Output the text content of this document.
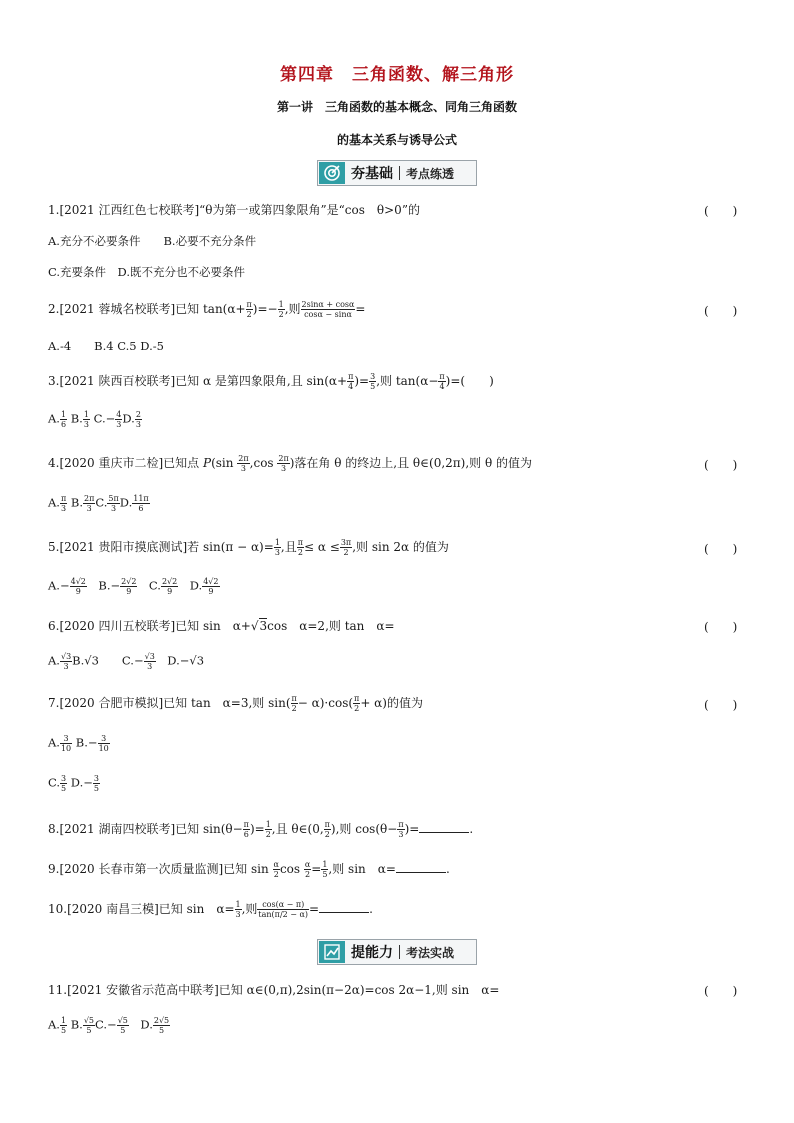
第四章　三角函数、解三角形
第一讲　三角函数的基本概念、同角三角函数
的基本关系与诱导公式
夯基础 考点练透
1.[2021 江西红色七校联考]“θ为第一或第四象限角”是“cos　θ>0”的	(　　)
A.充分不必要条件　　B.必要不充分条件
C.充要条件　D.既不充分也不必要条件
2.[2021 蓉城名校联考]已知 $\tan(\alpha+ \frac{\pi}{2}$ )=− $\frac{1}{2}$ ,则 $\frac{2\sin\alpha + \cos\alpha}{\cos\alpha - \sin\alpha}$ =	(　　)
A.-4　　B.4 C.5 D.-5
3.[2021 陕西百校联考]已知 α 是第四象限角,且 $\sin(\alpha+ \frac{\pi}{4}$ )= $\frac{3}{5}$ ,则 $\tan(\alpha- \frac{\pi}{4}$ )=(　　)
A. $\frac{1}{6} B$. $\frac{1}{3} C.- \frac{4}{3} D$. $\frac{2}{3}$
4.[2020 重庆市二检]已知点 $P(\sin \frac{2\pi}{3} ,\cos \frac{2\pi}{3}$ )落在角 θ 的终边上,且 θ∈(0,2π),则 θ 的值为	(　　)
A. $\frac{\pi}{3} B$. $\frac{2\pi}{3} C$. $\frac{5\pi}{3} D$. $\frac{11\pi}{6}$
5.[2021 贵阳市摸底测试]若 $\sin(\pi - \alpha)= \frac{1}{3}$ ,且 $\frac{\pi}{2} \le \alpha \le \frac{3\pi}{2}$ ,则 sin 2α 的值为	(　　)
$A.- \frac{4√2}{9}$ 　$B.- \frac{2√2}{9}$ 　C. $\frac{2√2}{9}$ 　D. $\frac{4√2}{9}$
6.[2020 四川五校联考]已知 sin　α+√3cos　α=2,则 tan　α=	(　　)
A. $\frac{√3}{3} B.√3$　　$C.- \frac{√3}{3}$ 　D.−√3
7.[2020 合肥市模拟]已知 tan　α=3,则 $\sin( \frac{\pi}{2} - \alpha)\cdot\cos( \frac{\pi}{2} + \alpha)$的值为	(　　)
A. $\frac{3}{10} B.- \frac{3}{10}$
C. $\frac{3}{5} D.- \frac{3}{5}$
8.[2021 湖南四校联考]已知 $\sin(\theta- \frac{\pi}{6}$ )= $\frac{1}{2}$ ,且 θ∈(0, $\frac{\pi}{2}$ ),则 $\cos(\theta- \frac{\pi}{3}$ )=	.
9.[2020 长春市第一次质量监测]已知 $\sin \frac{\alpha}{2}$ $\cos \frac{\alpha}{2} = \frac{1}{5}$ ,则 sin　α=	.
10.[2020 南昌三模]已知 sin　$\alpha= \frac{1}{3}$ ,则 $\frac{\cos(\alpha - \pi)}{\tan(\pi/2 - \alpha)}$ =	.
提能力 考法实战
11.[2021 安徽省示范高中联考]已知 α∈(0,π),2sin(π−2α)=cos 2α−1,则 sin　α=	(　　)
A. $\frac{1}{5} B$. $\frac{√5}{5} C.- \frac{√5}{5}$ 　D. $\frac{2√5}{5}$
